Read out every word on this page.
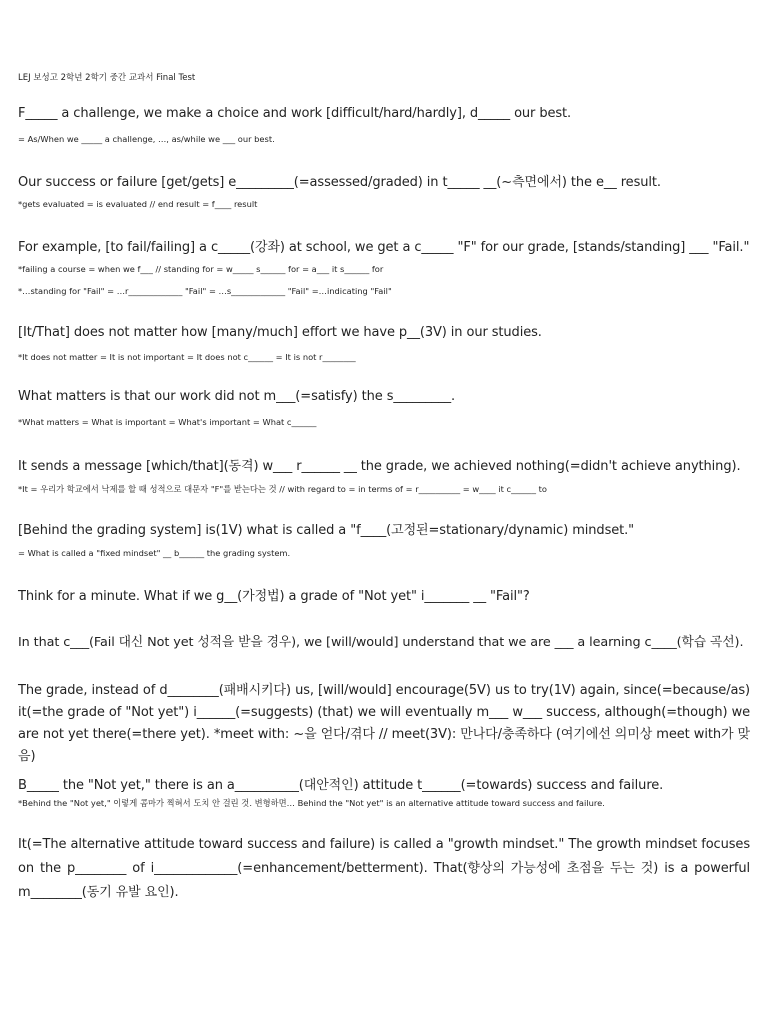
LEJ 보성고 2학년 2학기 중간 교과서 Final Test
F_____ a challenge, we make a choice and work [difficult/hard/hardly], d_____ our best.
= As/When we _____ a challenge, …, as/while we ___ our best.
Our success or failure [get/gets] e_________(=assessed/graded) in t_____ __(~측면에서) the e__ result.
*gets evaluated = is evaluated // end result = f____ result
For example, [to fail/failing] a c_____(강좌) at school, we get a c_____ "F" for our grade, [stands/standing] ___ "Fail."
*failing a course = when we f___ // standing for = w_____ s______ for = a___ it s______ for
*…standing for "Fail" = …r_____________ "Fail" = …s_____________ "Fail" =…indicating "Fail"
[It/That] does not matter how [many/much] effort we have p__(3V) in our studies.
*It does not matter = It is not important = It does not c______ = It is not r________
What matters is that our work did not m___(=satisfy) the s_________.
*What matters = What is important = What's important = What c______
It sends a message [which/that](동격) w___ r______ __ the grade, we achieved nothing(=didn't achieve anything).
*It = 우리가 학교에서 낙제를 할 때 성적으로 대문자 "F"를 받는다는 것 // with regard to = in terms of = r__________ = w____ it c______ to
[Behind the grading system] is(1V) what is called a "f____(고정된=stationary/dynamic) mindset."
= What is called a "fixed mindset" __ b______ the grading system.
Think for a minute. What if we g__(가정법) a grade of "Not yet" i_______ __ "Fail"?
In that c___(Fail 대신 Not yet 성적을 받을 경우), we [will/would] understand that we are ___ a learning c____(학습 곡선).
The grade, instead of d________(패배시키다) us, [will/would] encourage(5V) us to try(1V) again, since(=because/as) it(=the grade of "Not yet") i______(=suggests) (that) we will eventually m___ w___ success, although(=though) we are not yet there(=there yet). *meet with: ~을 얻다/겪다 // meet(3V): 만나다/충족하다 (여기에선 의미상 meet with가 맞음)
B_____ the "Not yet," there is an a__________(대안적인) attitude t______(=towards) success and failure.
*Behind the "Not yet," 이렇게 콤마가 찍혀서 도치 안 걸린 것. 변형하면… Behind the "Not yet" is an alternative attitude toward success and failure.
It(=The alternative attitude toward success and failure) is called a "growth mindset." The growth mindset focuses on the p________ of i_____________(=enhancement/betterment). That(향상의 가능성에 초점을 두는 것) is a powerful m________(동기 유발 요인).
